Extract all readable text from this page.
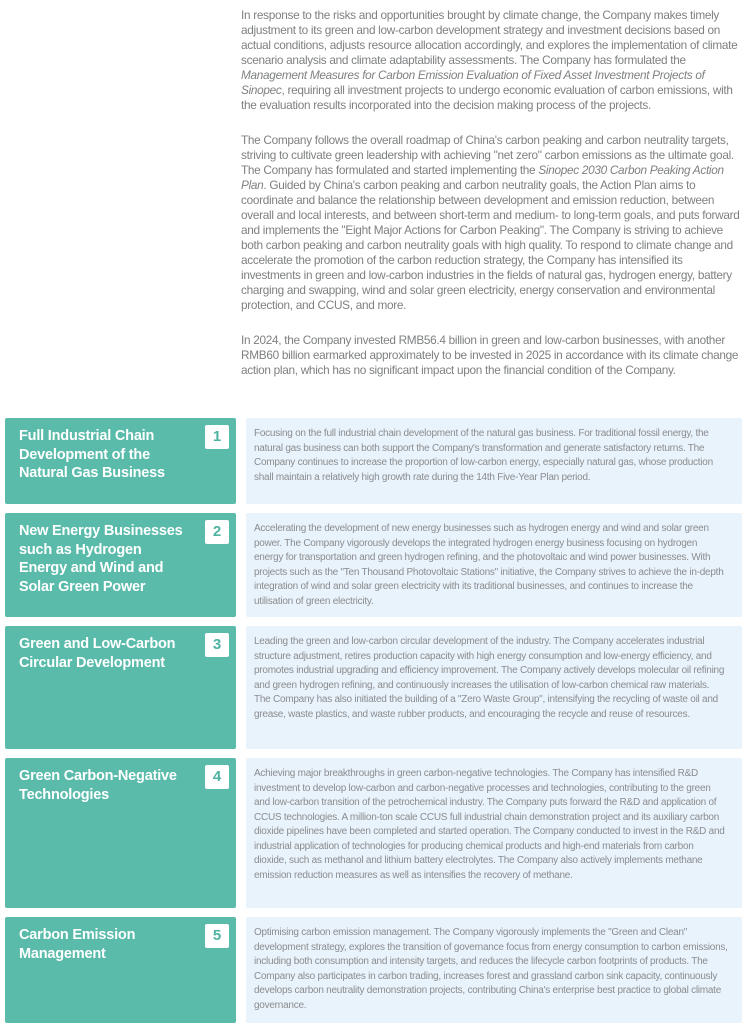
In response to the risks and opportunities brought by climate change, the Company makes timely adjustment to its green and low-carbon development strategy and investment decisions based on actual conditions, adjusts resource allocation accordingly, and explores the implementation of climate scenario analysis and climate adaptability assessments. The Company has formulated the Management Measures for Carbon Emission Evaluation of Fixed Asset Investment Projects of Sinopec, requiring all investment projects to undergo economic evaluation of carbon emissions, with the evaluation results incorporated into the decision making process of the projects.

The Company follows the overall roadmap of China's carbon peaking and carbon neutrality targets, striving to cultivate green leadership with achieving "net zero" carbon emissions as the ultimate goal. The Company has formulated and started implementing the Sinopec 2030 Carbon Peaking Action Plan. Guided by China's carbon peaking and carbon neutrality goals, the Action Plan aims to coordinate and balance the relationship between development and emission reduction, between overall and local interests, and between short-term and medium- to long-term goals, and puts forward and implements the "Eight Major Actions for Carbon Peaking". The Company is striving to achieve both carbon peaking and carbon neutrality goals with high quality. To respond to climate change and accelerate the promotion of the carbon reduction strategy, the Company has intensified its investments in green and low-carbon industries in the fields of natural gas, hydrogen energy, battery charging and swapping, wind and solar green electricity, energy conservation and environmental protection, and CCUS, and more.

In 2024, the Company invested RMB56.4 billion in green and low-carbon businesses, with another RMB60 billion earmarked approximately to be invested in 2025 in accordance with its climate change action plan, which has no significant impact upon the financial condition of the Company.

Full Industrial Chain Development of the Natural Gas Business
1	Focusing on the full industrial chain development of the natural gas business. For traditional fossil energy, the natural gas business can both support the Company's transformation and generate satisfactory returns. The Company continues to increase the proportion of low-carbon energy, especially natural gas, whose production shall maintain a relatively high growth rate during the 14th Five-Year Plan period.

New Energy Businesses such as Hydrogen Energy and Wind and Solar Green Power
2	Accelerating the development of new energy businesses such as hydrogen energy and wind and solar green power. The Company vigorously develops the integrated hydrogen energy business focusing on hydrogen energy for transportation and green hydrogen refining, and the photovoltaic and wind power businesses. With projects such as the "Ten Thousand Photovoltaic Stations" initiative, the Company strives to achieve the in-depth integration of wind and solar green electricity with its traditional businesses, and continues to increase the utilisation of green electricity.

Green and Low-Carbon Circular Development
3	Leading the green and low-carbon circular development of the industry. The Company accelerates industrial structure adjustment, retires production capacity with high energy consumption and low-energy efficiency, and promotes industrial upgrading and efficiency improvement. The Company actively develops molecular oil refining and green hydrogen refining, and continuously increases the utilisation of low-carbon chemical raw materials. The Company has also initiated the building of a "Zero Waste Group", intensifying the recycling of waste oil and grease, waste plastics, and waste rubber products, and encouraging the recycle and reuse of resources.

Green Carbon-Negative Technologies
4	Achieving major breakthroughs in green carbon-negative technologies. The Company has intensified R&D investment to develop low-carbon and carbon-negative processes and technologies, contributing to the green and low-carbon transition of the petrochemical industry. The Company puts forward the R&D and application of CCUS technologies. A million-ton scale CCUS full industrial chain demonstration project and its auxiliary carbon dioxide pipelines have been completed and started operation. The Company conducted to invest in the R&D and industrial application of technologies for producing chemical products and high-end materials from carbon dioxide, such as methanol and lithium battery electrolytes. The Company also actively implements methane emission reduction measures as well as intensifies the recovery of methane.

Carbon Emission Management
5	Optimising carbon emission management. The Company vigorously implements the "Green and Clean" development strategy, explores the transition of governance focus from energy consumption to carbon emissions, including both consumption and intensity targets, and reduces the lifecycle carbon footprints of products. The Company also participates in carbon trading, increases forest and grassland carbon sink capacity, continuously develops carbon neutrality demonstration projects, contributing China's enterprise best practice to global climate governance.
